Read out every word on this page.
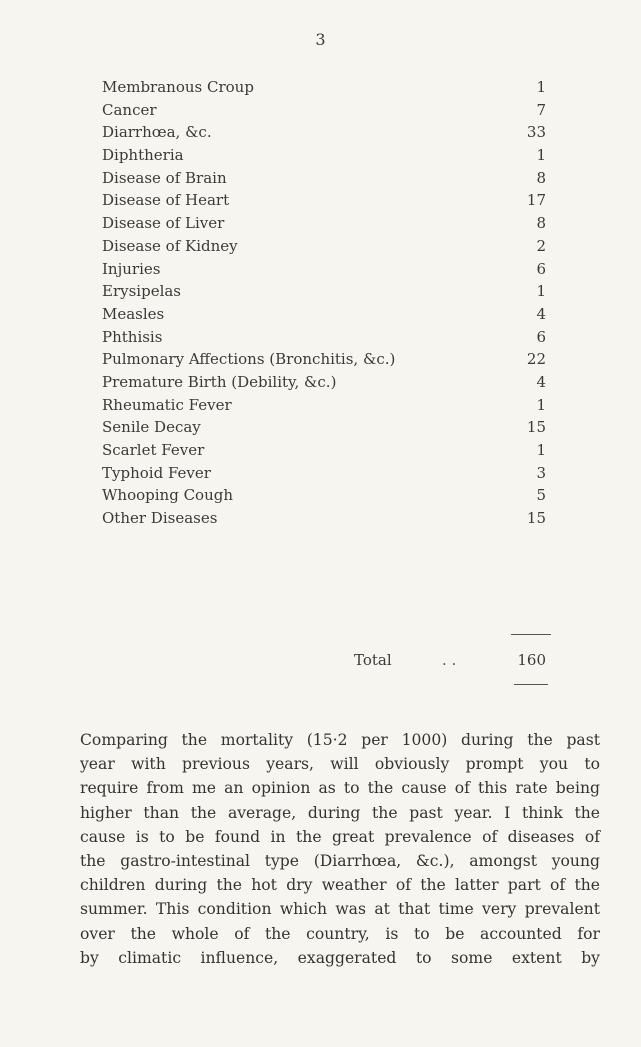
3
Membranous Croup	1
Cancer	7
Diarrhœa, &c.	33
Diphtheria	1
Disease of Brain	8
Disease of Heart	17
Disease of Liver	8
Disease of Kidney	2
Injuries	6
Erysipelas	1
Measles	4
Phthisis	6
Pulmonary Affections (Bronchitis, &c.)	22
Premature Birth (Debility, &c.)	4
Rheumatic Fever	1
Senile Decay	15
Scarlet Fever	1
Typhoid Fever	3
Whooping Cough	5
Other Diseases	15
Total	. .	160
Comparing the mortality (15·2 per 1000) during the past
year with previous years, will obviously prompt you to
require from me an opinion as to the cause of this rate being
higher than the average, during the past year. I think the
cause is to be found in the great prevalence of diseases of
the gastro-intestinal type (Diarrhœa, &c.), amongst young
children during the hot dry weather of the latter part of the
summer. This condition which was at that time very prevalent
over the whole of the country, is to be accounted for
by climatic influence, exaggerated to some extent by
